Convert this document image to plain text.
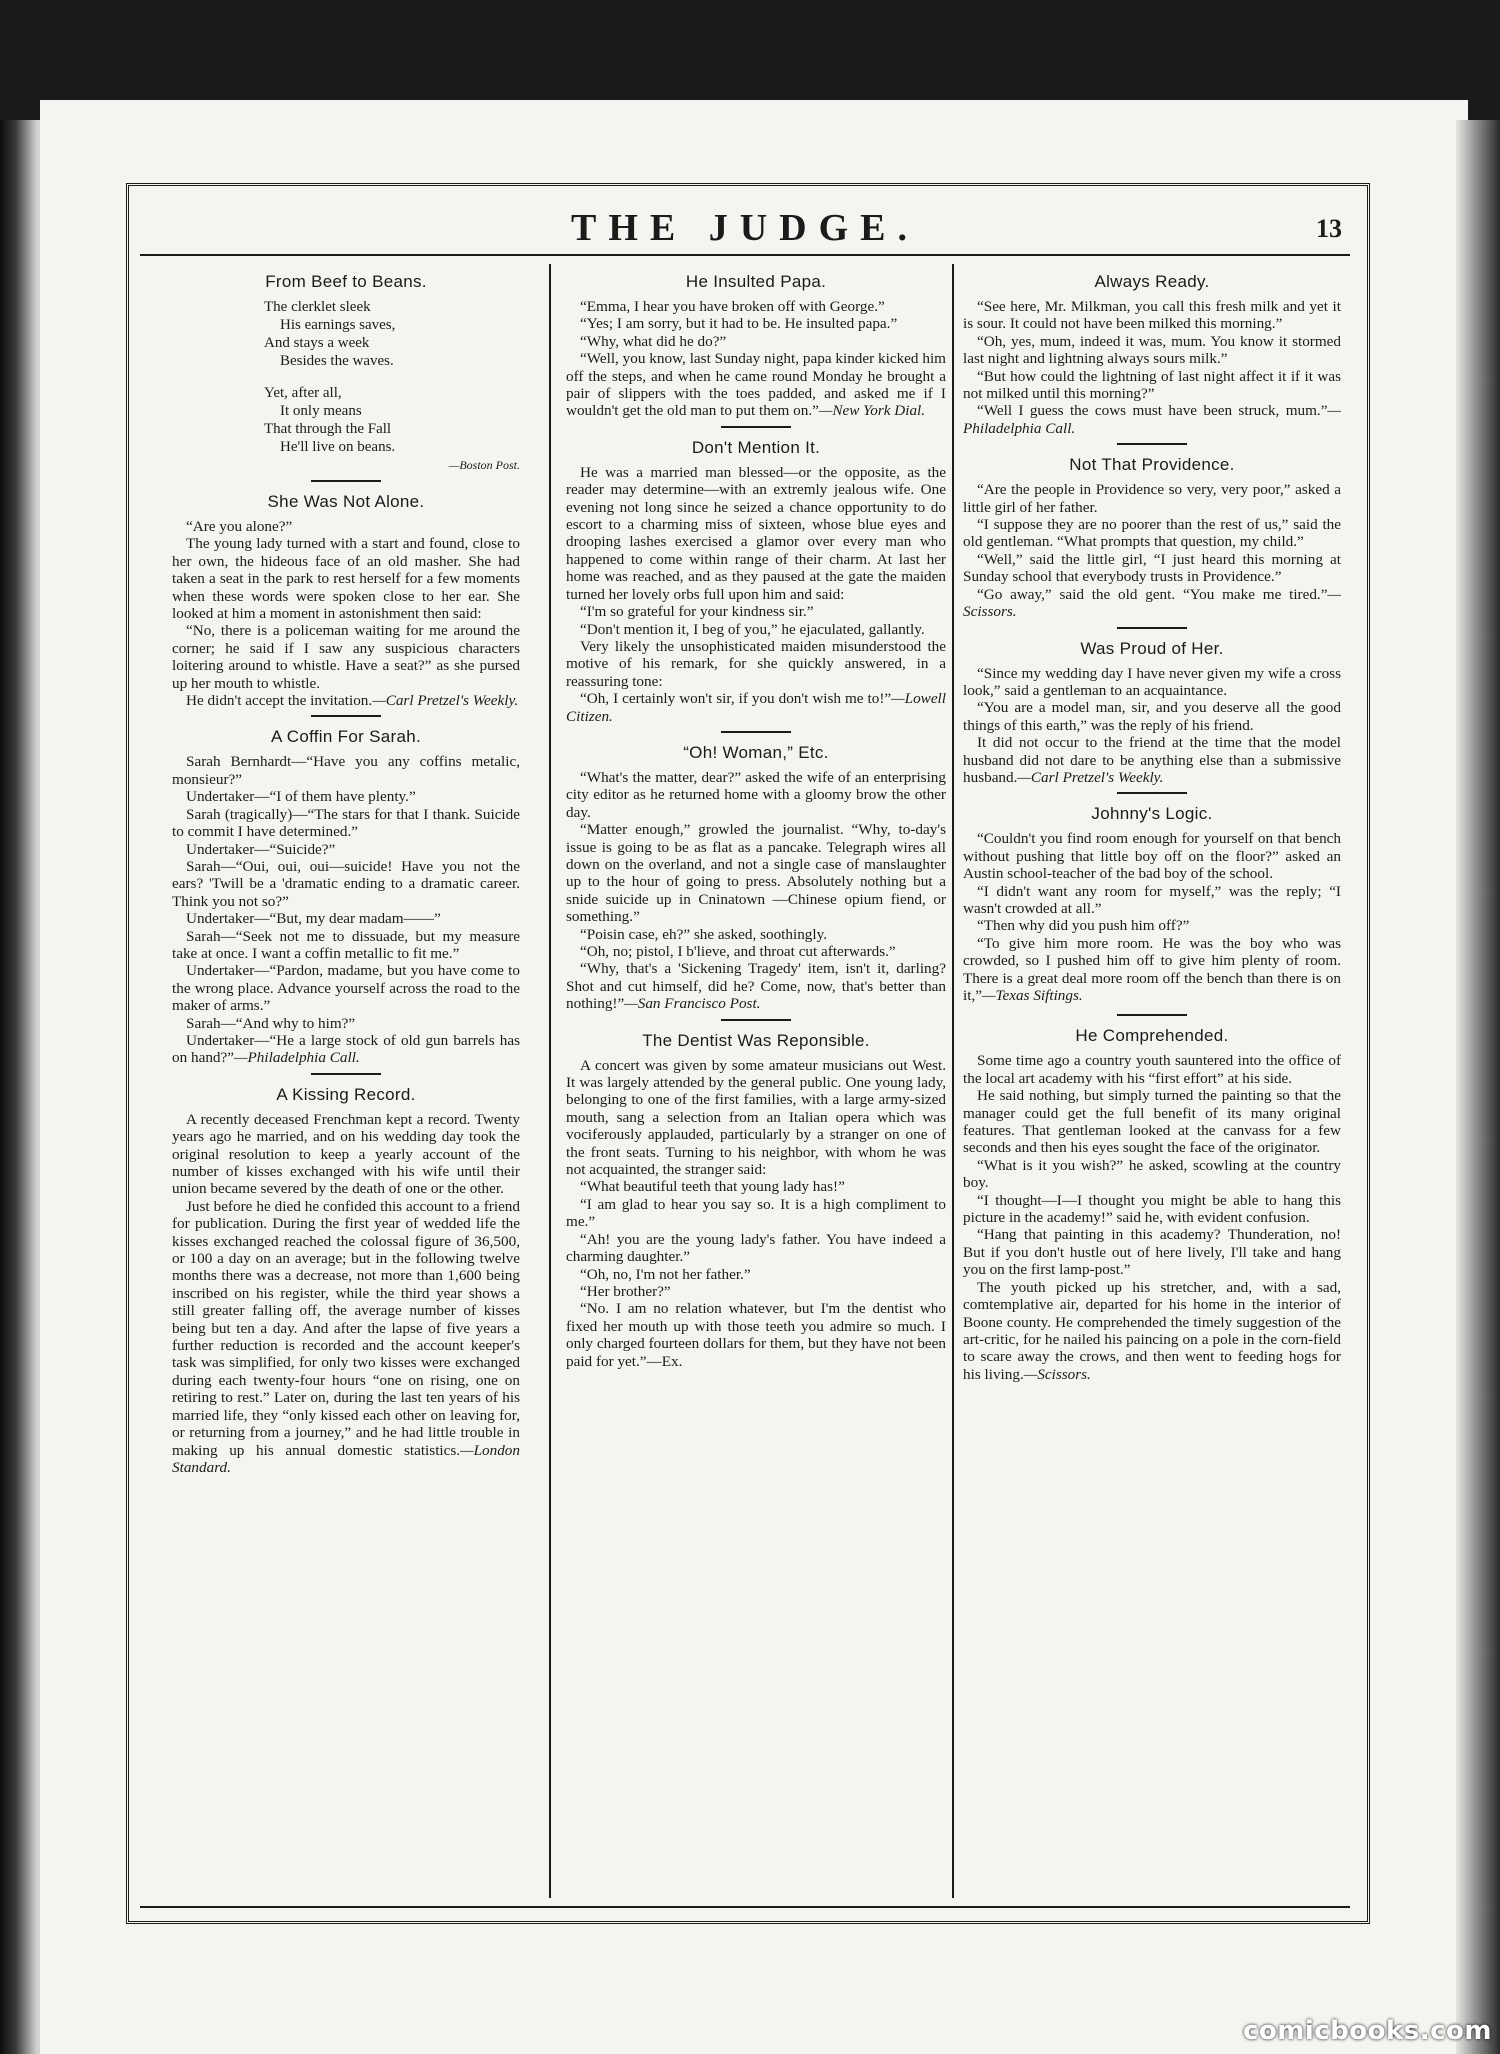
THE JUDGE.	13
From Beef to Beans.
The clerklet sleek
His earnings saves,
And stays a week
Besides the waves.
Yet, after all,
It only means
That through the Fall
He'll live on beans.
—Boston Post.
She Was Not Alone.

“Are you alone?”

The young lady turned with a start and found, close to her own, the hideous face of an old masher. She had taken a seat in the park to rest herself for a few moments when these words were spoken close to her ear. She looked at him a moment in astonishment then said:

“No, there is a policeman waiting for me around the corner; he said if I saw any suspicious characters loitering around to whistle. Have a seat?” as she pursed up her mouth to whistle.

He didn't accept the invitation.—Carl Pretzel's Weekly.

A Coffin For Sarah.

Sarah Bernhardt—“Have you any coffins metalic, monsieur?”

Undertaker—“I of them have plenty.”

Sarah (tragically)—“The stars for that I thank. Suicide to commit I have determined.”

Undertaker—“Suicide?”

Sarah—“Oui, oui, oui—suicide! Have you not the ears? 'Twill be a 'dramatic ending to a dramatic career. Think you not so?”

Undertaker—“But, my dear madam——”

Sarah—“Seek not me to dissuade, but my measure take at once. I want a coffin metallic to fit me.”

Undertaker—“Pardon, madame, but you have come to the wrong place. Advance yourself across the road to the maker of arms.”

Sarah—“And why to him?”

Undertaker—“He a large stock of old gun barrels has on hand?”—Philadelphia Call.

A Kissing Record.

A recently deceased Frenchman kept a record. Twenty years ago he married, and on his wedding day took the original resolution to keep a yearly account of the number of kisses exchanged with his wife until their union became severed by the death of one or the other.

Just before he died he confided this account to a friend for publication. During the first year of wedded life the kisses exchanged reached the colossal figure of 36,500, or 100 a day on an average; but in the following twelve months there was a decrease, not more than 1,600 being inscribed on his register, while the third year shows a still greater falling off, the average number of kisses being but ten a day. And after the lapse of five years a further reduction is recorded and the account keeper's task was simplified, for only two kisses were exchanged during each twenty-four hours “one on rising, one on retiring to rest.” Later on, during the last ten years of his married life, they “only kissed each other on leaving for, or returning from a journey,” and he had little trouble in making up his annual domestic statistics.—London Standard.

He Insulted Papa.

“Emma, I hear you have broken off with George.”

“Yes; I am sorry, but it had to be. He insulted papa.”

“Why, what did he do?”

“Well, you know, last Sunday night, papa kinder kicked him off the steps, and when he came round Monday he brought a pair of slippers with the toes padded, and asked me if I wouldn't get the old man to put them on.”—New York Dial.

Don't Mention It.

He was a married man blessed—or the opposite, as the reader may determine—with an extremly jealous wife. One evening not long since he seized a chance opportunity to do escort to a charming miss of sixteen, whose blue eyes and drooping lashes exercised a glamor over every man who happened to come within range of their charm. At last her home was reached, and as they paused at the gate the maiden turned her lovely orbs full upon him and said:

“I'm so grateful for your kindness sir.”

“Don't mention it, I beg of you,” he ejaculated, gallantly.

Very likely the unsophisticated maiden misunderstood the motive of his remark, for she quickly answered, in a reassuring tone:

“Oh, I certainly won't sir, if you don't wish me to!”—Lowell Citizen.

“Oh! Woman,” Etc.

“What's the matter, dear?” asked the wife of an enterprising city editor as he returned home with a gloomy brow the other day.

“Matter enough,” growled the journalist. “Why, to-day's issue is going to be as flat as a pancake. Telegraph wires all down on the overland, and not a single case of manslaughter up to the hour of going to press. Absolutely nothing but a snide suicide up in Cninatown —Chinese opium fiend, or something.”

“Poisin case, eh?” she asked, soothingly.

“Oh, no; pistol, I b'lieve, and throat cut afterwards.”

“Why, that's a 'Sickening Tragedy' item, isn't it, darling? Shot and cut himself, did he? Come, now, that's better than nothing!”—San Francisco Post.

The Dentist Was Reponsible.

A concert was given by some amateur musicians out West. It was largely attended by the general public. One young lady, belonging to one of the first families, with a large army-sized mouth, sang a selection from an Italian opera which was vociferously applauded, particularly by a stranger on one of the front seats. Turning to his neighbor, with whom he was not acquainted, the stranger said:

“What beautiful teeth that young lady has!”

“I am glad to hear you say so. It is a high compliment to me.”

“Ah! you are the young lady's father. You have indeed a charming daughter.”

“Oh, no, I'm not her father.”

“Her brother?”

“No. I am no relation whatever, but I'm the dentist who fixed her mouth up with those teeth you admire so much. I only charged fourteen dollars for them, but they have not been paid for yet.”—Ex.

Always Ready.

“See here, Mr. Milkman, you call this fresh milk and yet it is sour. It could not have been milked this morning.”

“Oh, yes, mum, indeed it was, mum. You know it stormed last night and lightning always sours milk.”

“But how could the lightning of last night affect it if it was not milked until this morning?”

“Well I guess the cows must have been struck, mum.”—Philadelphia Call.

Not That Providence.

“Are the people in Providence so very, very poor,” asked a little girl of her father.

“I suppose they are no poorer than the rest of us,” said the old gentleman. “What prompts that question, my child.”

“Well,” said the little girl, “I just heard this morning at Sunday school that everybody trusts in Providence.”

“Go away,” said the old gent. “You make me tired.”—Scissors.

Was Proud of Her.

“Since my wedding day I have never given my wife a cross look,” said a gentleman to an acquaintance.

“You are a model man, sir, and you deserve all the good things of this earth,” was the reply of his friend.

It did not occur to the friend at the time that the model husband did not dare to be anything else than a submissive husband.—Carl Pretzel's Weekly.

Johnny's Logic.

“Couldn't you find room enough for yourself on that bench without pushing that little boy off on the floor?” asked an Austin school-teacher of the bad boy of the school.

“I didn't want any room for myself,” was the reply; “I wasn't crowded at all.”

“Then why did you push him off?”

“To give him more room. He was the boy who was crowded, so I pushed him off to give him plenty of room. There is a great deal more room off the bench than there is on it,”—Texas Siftings.

He Comprehended.

Some time ago a country youth sauntered into the office of the local art academy with his “first effort” at his side.

He said nothing, but simply turned the painting so that the manager could get the full benefit of its many original features. That gentleman looked at the canvass for a few seconds and then his eyes sought the face of the originator.

“What is it you wish?” he asked, scowling at the country boy.

“I thought—I—I thought you might be able to hang this picture in the academy!” said he, with evident confusion.

“Hang that painting in this academy? Thunderation, no! But if you don't hustle out of here lively, I'll take and hang you on the first lamp-post.”

The youth picked up his stretcher, and, with a sad, comtemplative air, departed for his home in the interior of Boone county. He comprehended the timely suggestion of the art-critic, for he nailed his paincing on a pole in the corn-field to scare away the crows, and then went to feeding hogs for his living.—Scissors.

comicbooks.com
